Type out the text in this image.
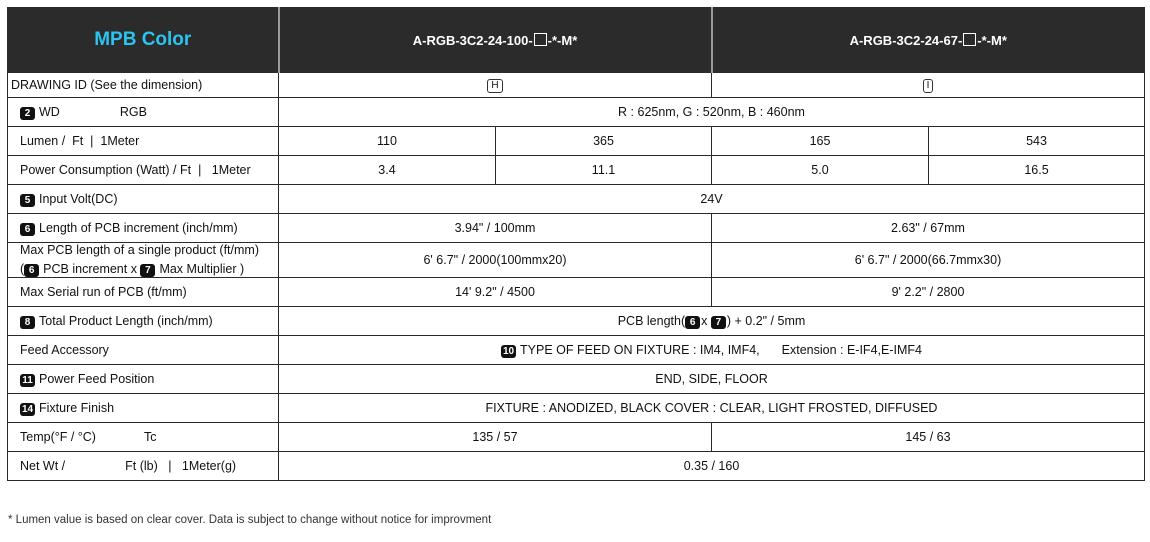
MPB Color	A-RGB-3C2-24-100- -*-M*		A-RGB-3C2-24-67- -*-M*	
DRAWING ID (See the dimension)	H		I	
2 WD RGB	R : 625nm, G : 520nm, B : 460nm			
Lumen / Ft  |  1Meter	110	365	165	543
Power Consumption (Watt) / Ft  |   1Meter	3.4	11.1	5.0	16.5
5 Input Volt(DC)	24V			
6 Length of PCB increment (inch/mm)	3.94" / 100mm		2.63" / 67mm	

Max PCB length of a single product (ft/mm)
( 6 PCB increment x 7 Max Multiplier )	6' 6.7" / 2000(100mmx20)		6' 6.7" / 2000(66.7mmx30)	
Max Serial run of PCB (ft/mm)	14' 9.2" / 4500		9' 2.2" / 2800	
8 Total Product Length (inch/mm)	PCB length( 6 x 7 ) + 0.2" / 5mm			
Feed Accessory	10 TYPE OF FEED ON FIXTURE : IM4, IMF4, Extension : E-IF4,E-IMF4			
11 Power Feed Position	END, SIDE, FLOOR			
14 Fixture Finish	FIXTURE : ANODIZED, BLACK COVER : CLEAR, LIGHT FROSTED, DIFFUSED			
Temp(°F / °C) Tc	135 / 57		145 / 63	
Net Wt / Ft (lb)   |   1Meter(g)	0.35 / 160			
* Lumen value is based on clear cover. Data is subject to change without notice for improvment
